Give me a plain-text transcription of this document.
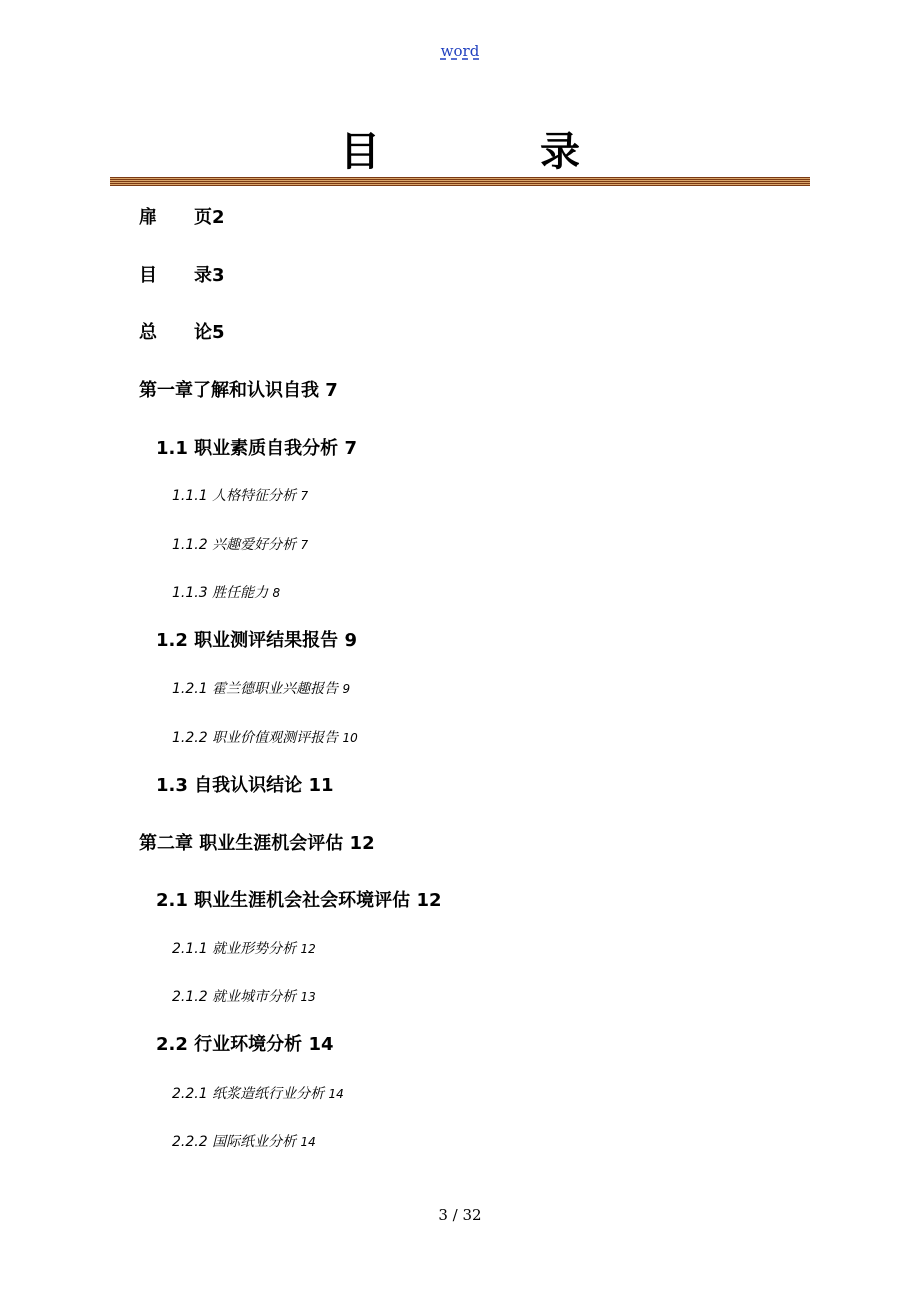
word
目　录
扉 页2
目 录3
总 论5
第一章了解和认识自我 7
1.1 职业素质自我分析 7
1.1.1 人格特征分析 7
1.1.2 兴趣爱好分析 7
1.1.3 胜任能力 8
1.2 职业测评结果报告 9
1.2.1 霍兰德职业兴趣报告 9
1.2.2 职业价值观测评报告 10
1.3 自我认识结论 11
第二章 职业生涯机会评估 12
2.1 职业生涯机会社会环境评估 12
2.1.1 就业形势分析 12
2.1.2 就业城市分析 13
2.2 行业环境分析 14
2.2.1 纸浆造纸行业分析 14
2.2.2 国际纸业分析 14
3 / 32
